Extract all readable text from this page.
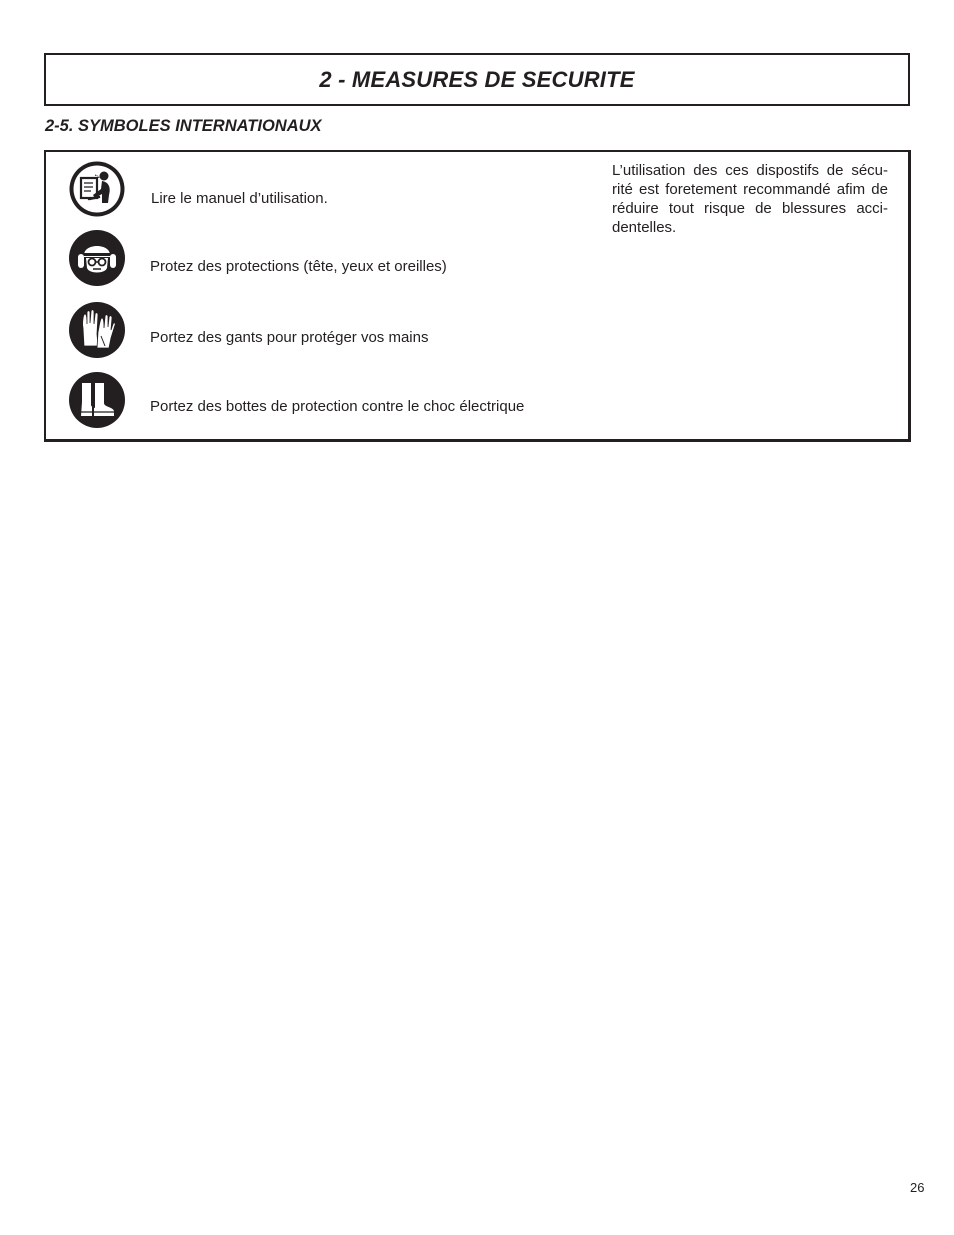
2 - MEASURES DE SECURITE
2-5. SYMBOLES INTERNATIONAUX
Lire le manuel d’utilisation.
Protez des protections (tête, yeux et oreilles)
Portez des gants pour protéger vos mains
Portez des bottes de protection contre le choc électrique

L’utilisation des ces dispostifs de sécu-rité est foretement recommandé afim de réduire tout risque de blessures acci-dentelles.

26
